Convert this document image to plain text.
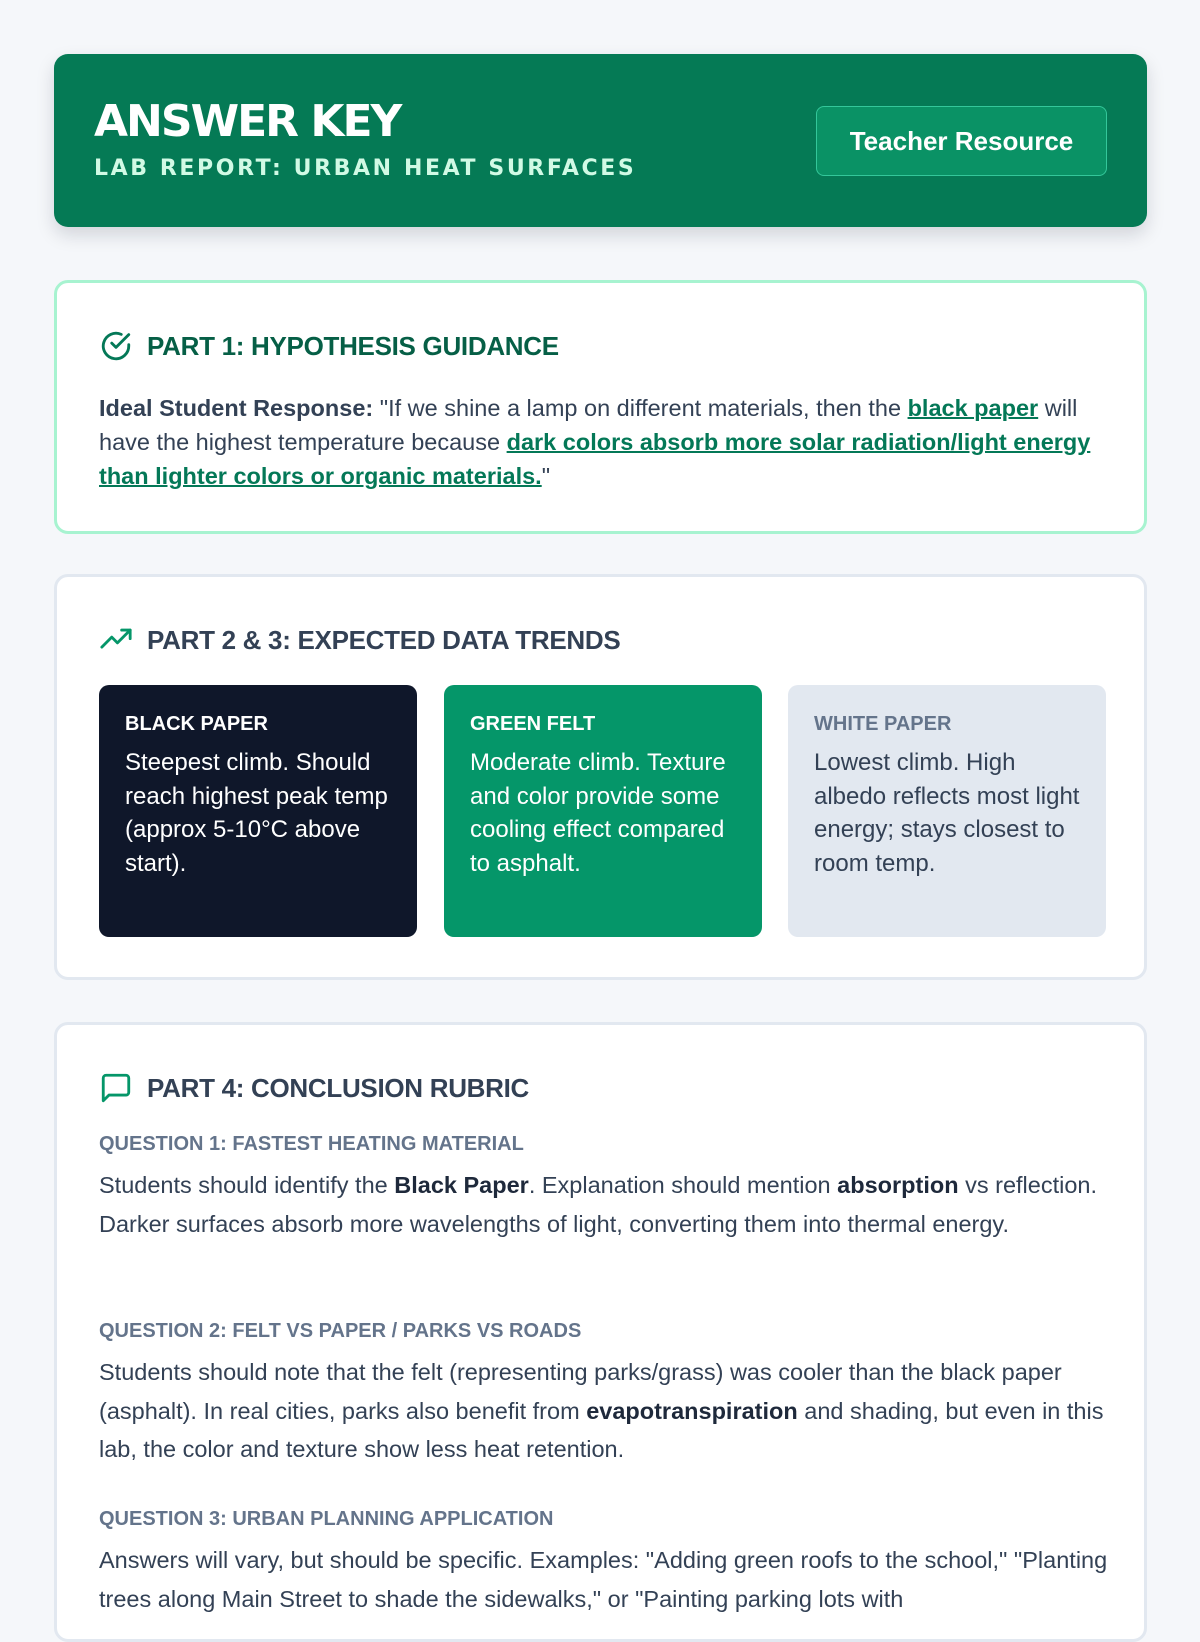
ANSWER KEY
LAB REPORT: URBAN HEAT SURFACES
Teacher Resource
PART 1: HYPOTHESIS GUIDANCE

Ideal Student Response: "If we shine a lamp on different materials, then the black paper will have the highest temperature because dark colors absorb more solar radiation/light energy than lighter colors or organic materials."

PART 2 & 3: EXPECTED DATA TRENDS
BLACK PAPER
Steepest climb. Should reach highest peak temp (approx 5-10°C above start).
GREEN FELT
Moderate climb. Texture and color provide some cooling effect compared to asphalt.
WHITE PAPER
Lowest climb. High albedo reflects most light energy; stays closest to room temp.
PART 4: CONCLUSION RUBRIC
QUESTION 1: FASTEST HEATING MATERIAL

Students should identify the Black Paper. Explanation should mention absorption vs reflection. Darker surfaces absorb more wavelengths of light, converting them into thermal energy.

QUESTION 2: FELT VS PAPER / PARKS VS ROADS

Students should note that the felt (representing parks/grass) was cooler than the black paper (asphalt). In real cities, parks also benefit from evapotranspiration and shading, but even in this lab, the color and texture show less heat retention.

QUESTION 3: URBAN PLANNING APPLICATION

Answers will vary, but should be specific. Examples: "Adding green roofs to the school," "Planting trees along Main Street to shade the sidewalks," or "Painting parking lots with
